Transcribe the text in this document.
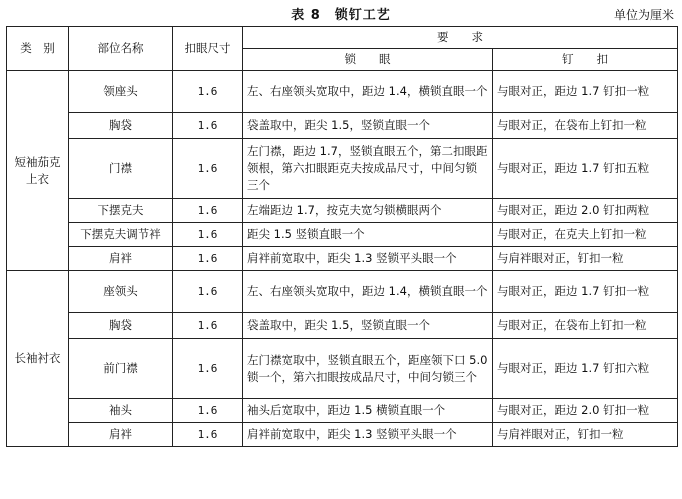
表 8　锁钉工艺	单位为厘米
类　别	部位名称	扣眼尺寸	要　　求	
			锁　　眼	钉　　扣
短袖茄克上衣	领座头	1.6	左、右座领头宽取中，距边 1.4，横锁直眼一个	与眼对正，距边 1.7 钉扣一粒
	胸袋	1.6	袋盖取中，距尖 1.5，竖锁直眼一个	与眼对正，在袋布上钉扣一粒
	门襟	1.6	左门襟，距边 1.7，竖锁直眼五个，第二扣眼距领根，第六扣眼距克夫按成品尺寸，中间匀锁三个	与眼对正，距边 1.7 钉扣五粒
	下摆克夫	1.6	左端距边 1.7，按克夫宽匀锁横眼两个	与眼对正，距边 2.0 钉扣两粒
	下摆克夫调节袢	1.6	距尖 1.5 竖锁直眼一个	与眼对正，在克夫上钉扣一粒
	肩袢	1.6	肩袢前宽取中，距尖 1.3 竖锁平头眼一个	与肩袢眼对正，钉扣一粒
长袖衬衣	座领头	1.6	左、右座领头宽取中，距边 1.4，横锁直眼一个	与眼对正，距边 1.7 钉扣一粒
	胸袋	1.6	袋盖取中，距尖 1.5，竖锁直眼一个	与眼对正，在袋布上钉扣一粒
	前门襟	1.6	左门襟宽取中，竖锁直眼五个，距座领下口 5.0 锁一个，第六扣眼按成品尺寸，中间匀锁三个	与眼对正，距边 1.7 钉扣六粒
	袖头	1.6	袖头后宽取中，距边 1.5 横锁直眼一个	与眼对正，距边 2.0 钉扣一粒
	肩袢	1.6	肩袢前宽取中，距尖 1.3 竖锁平头眼一个	与肩袢眼对正，钉扣一粒
